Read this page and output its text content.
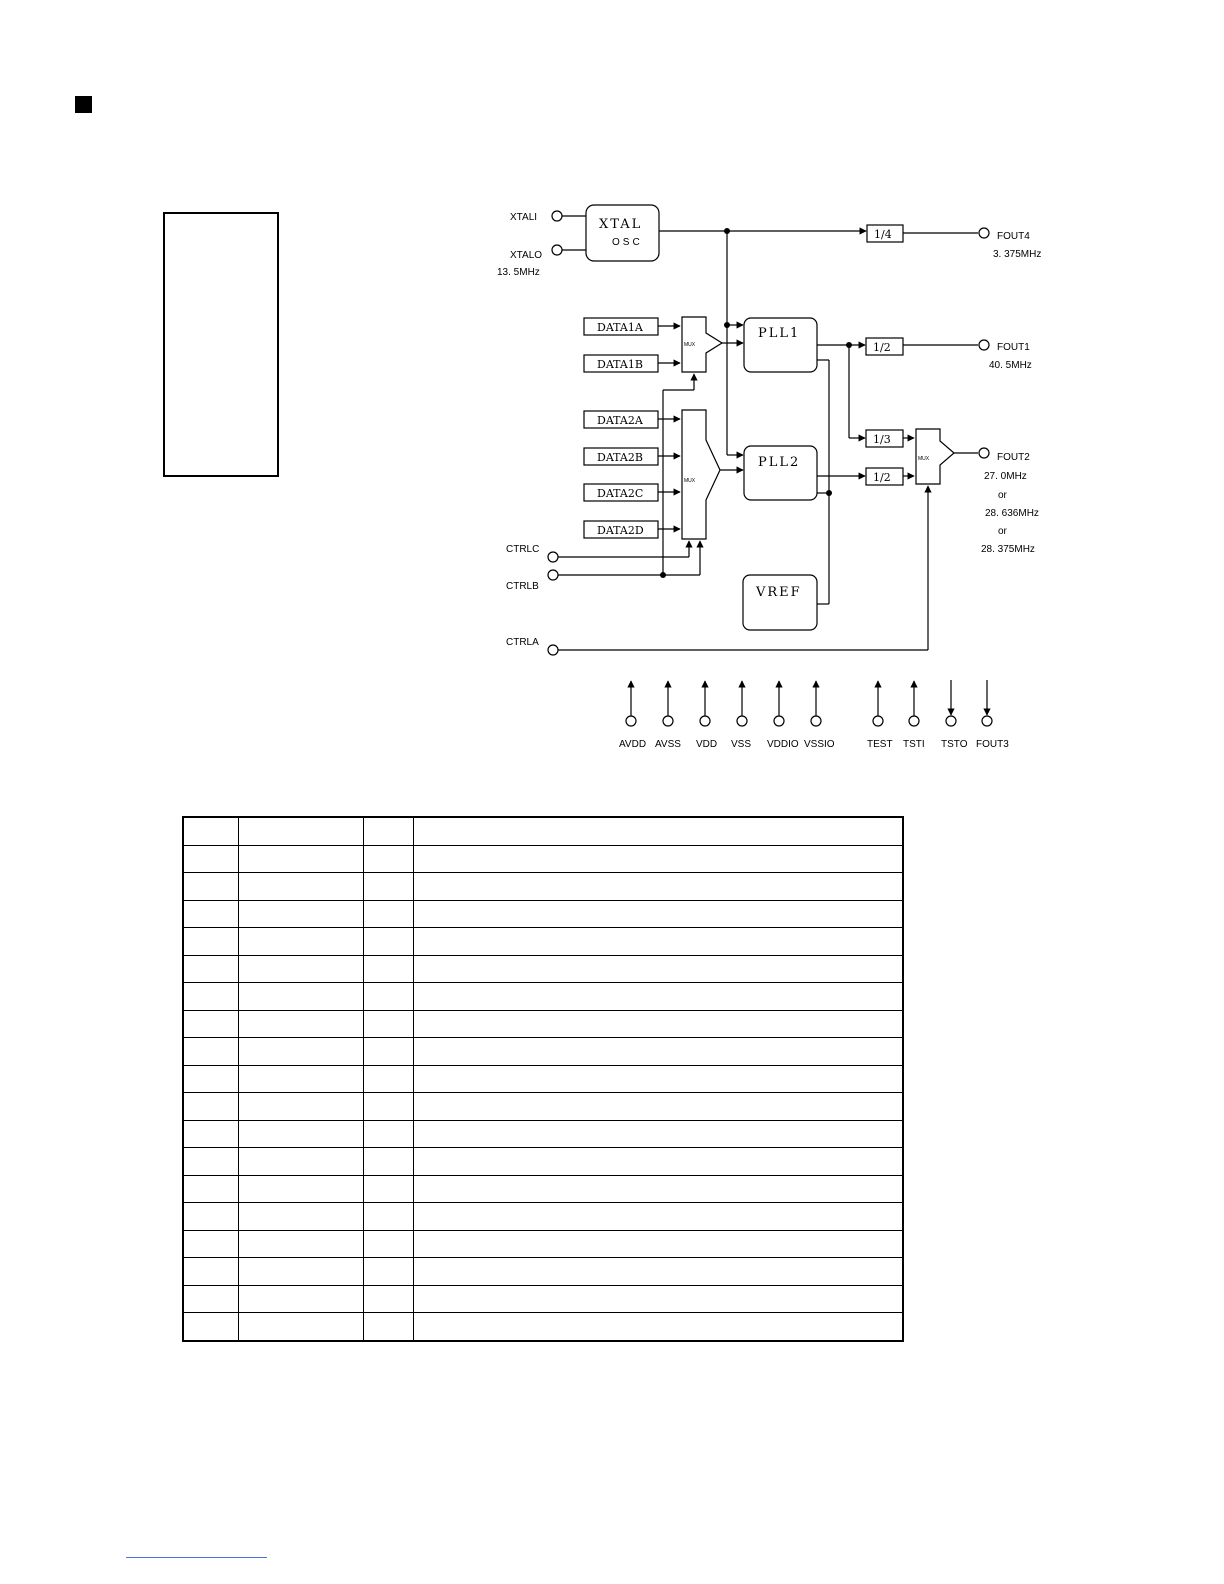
XTALI
XTALO
13. 5MHz
XTAL
OSC
PLL1
PLL2
VREF
MUX
MUX
MUX
DATA1A
DATA1B
DATA2A
DATA2B
DATA2C
DATA2D
1/4
1/2
1/3
1/2
FOUT4
3. 375MHz
FOUT1
40. 5MHz
FOUT2
27. 0MHz
or
28. 636MHz
or
28. 375MHz
CTRLC
CTRLB
CTRLA
AVDD AVSS VDD VSS VDDIO VSSIO	TEST TSTI TSTO FOUT3
